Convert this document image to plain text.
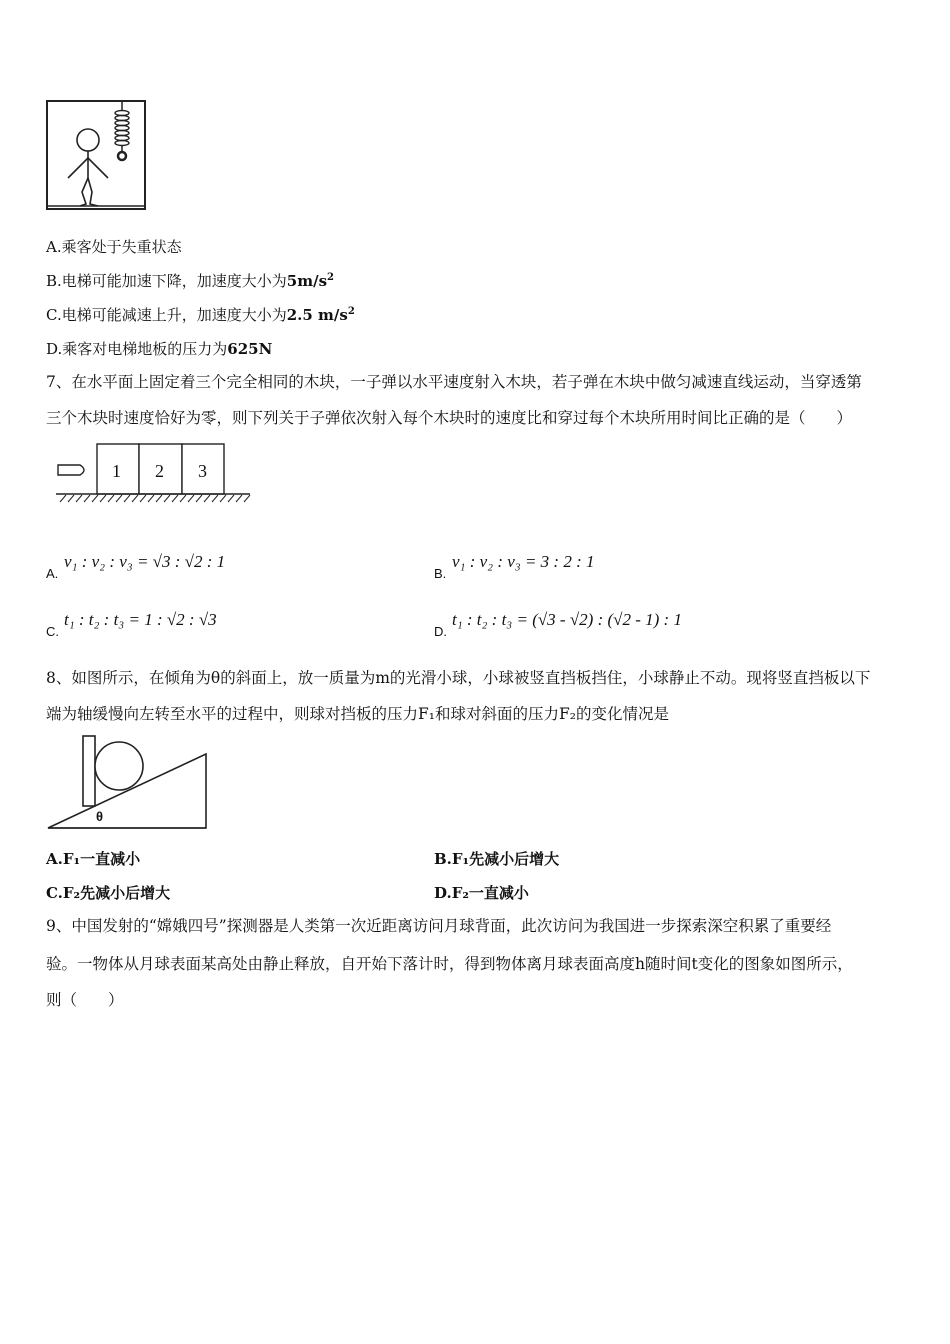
A.乘客处于失重状态
B.电梯可能加速下降，加速度大小为$5m/s^2$
C.电梯可能减速上升，加速度大小为2.5 $m/s^2$
D.乘客对电梯地板的压力为625N
7、在水平面上固定着三个完全相同的木块，一子弹以水平速度射入木块，若子弹在木块中做匀减速直线运动，当穿透第
三个木块时速度恰好为零，则下列关于子弹依次射入每个木块时的速度比和穿过每个木块所用时间比正确的是（　　）
1 2 3
A.
v₁ : v₂ : v₃ = √3 : √2 : 1
B.
v₁ : v₂ : v₃ = 3 : 2 : 1
C.
t₁ : t₂ : t₃ = 1 : √2 : √3
D.
t₁ : t₂ : t₃ = (√3 - √2) : (√2 - 1) : 1
8、如图所示，在倾角为θ的斜面上，放一质量为m的光滑小球，小球被竖直挡板挡住，小球静止不动。现将竖直挡板以下
端为轴缓慢向左转至水平的过程中，则球对挡板的压力F₁和球对斜面的压力F₂的变化情况是
θ
A.F₁一直减小	B.F₁先减小后增大
C.F₂先减小后增大	D.F₂一直减小
9、中国发射的“嫦娥四号”探测器是人类第一次近距离访问月球背面，此次访问为我国进一步探索深空积累了重要经
验。一物体从月球表面某高处由静止释放，自开始下落计时，得到物体离月球表面高度h随时间t变化的图象如图所示，
则（　　）
